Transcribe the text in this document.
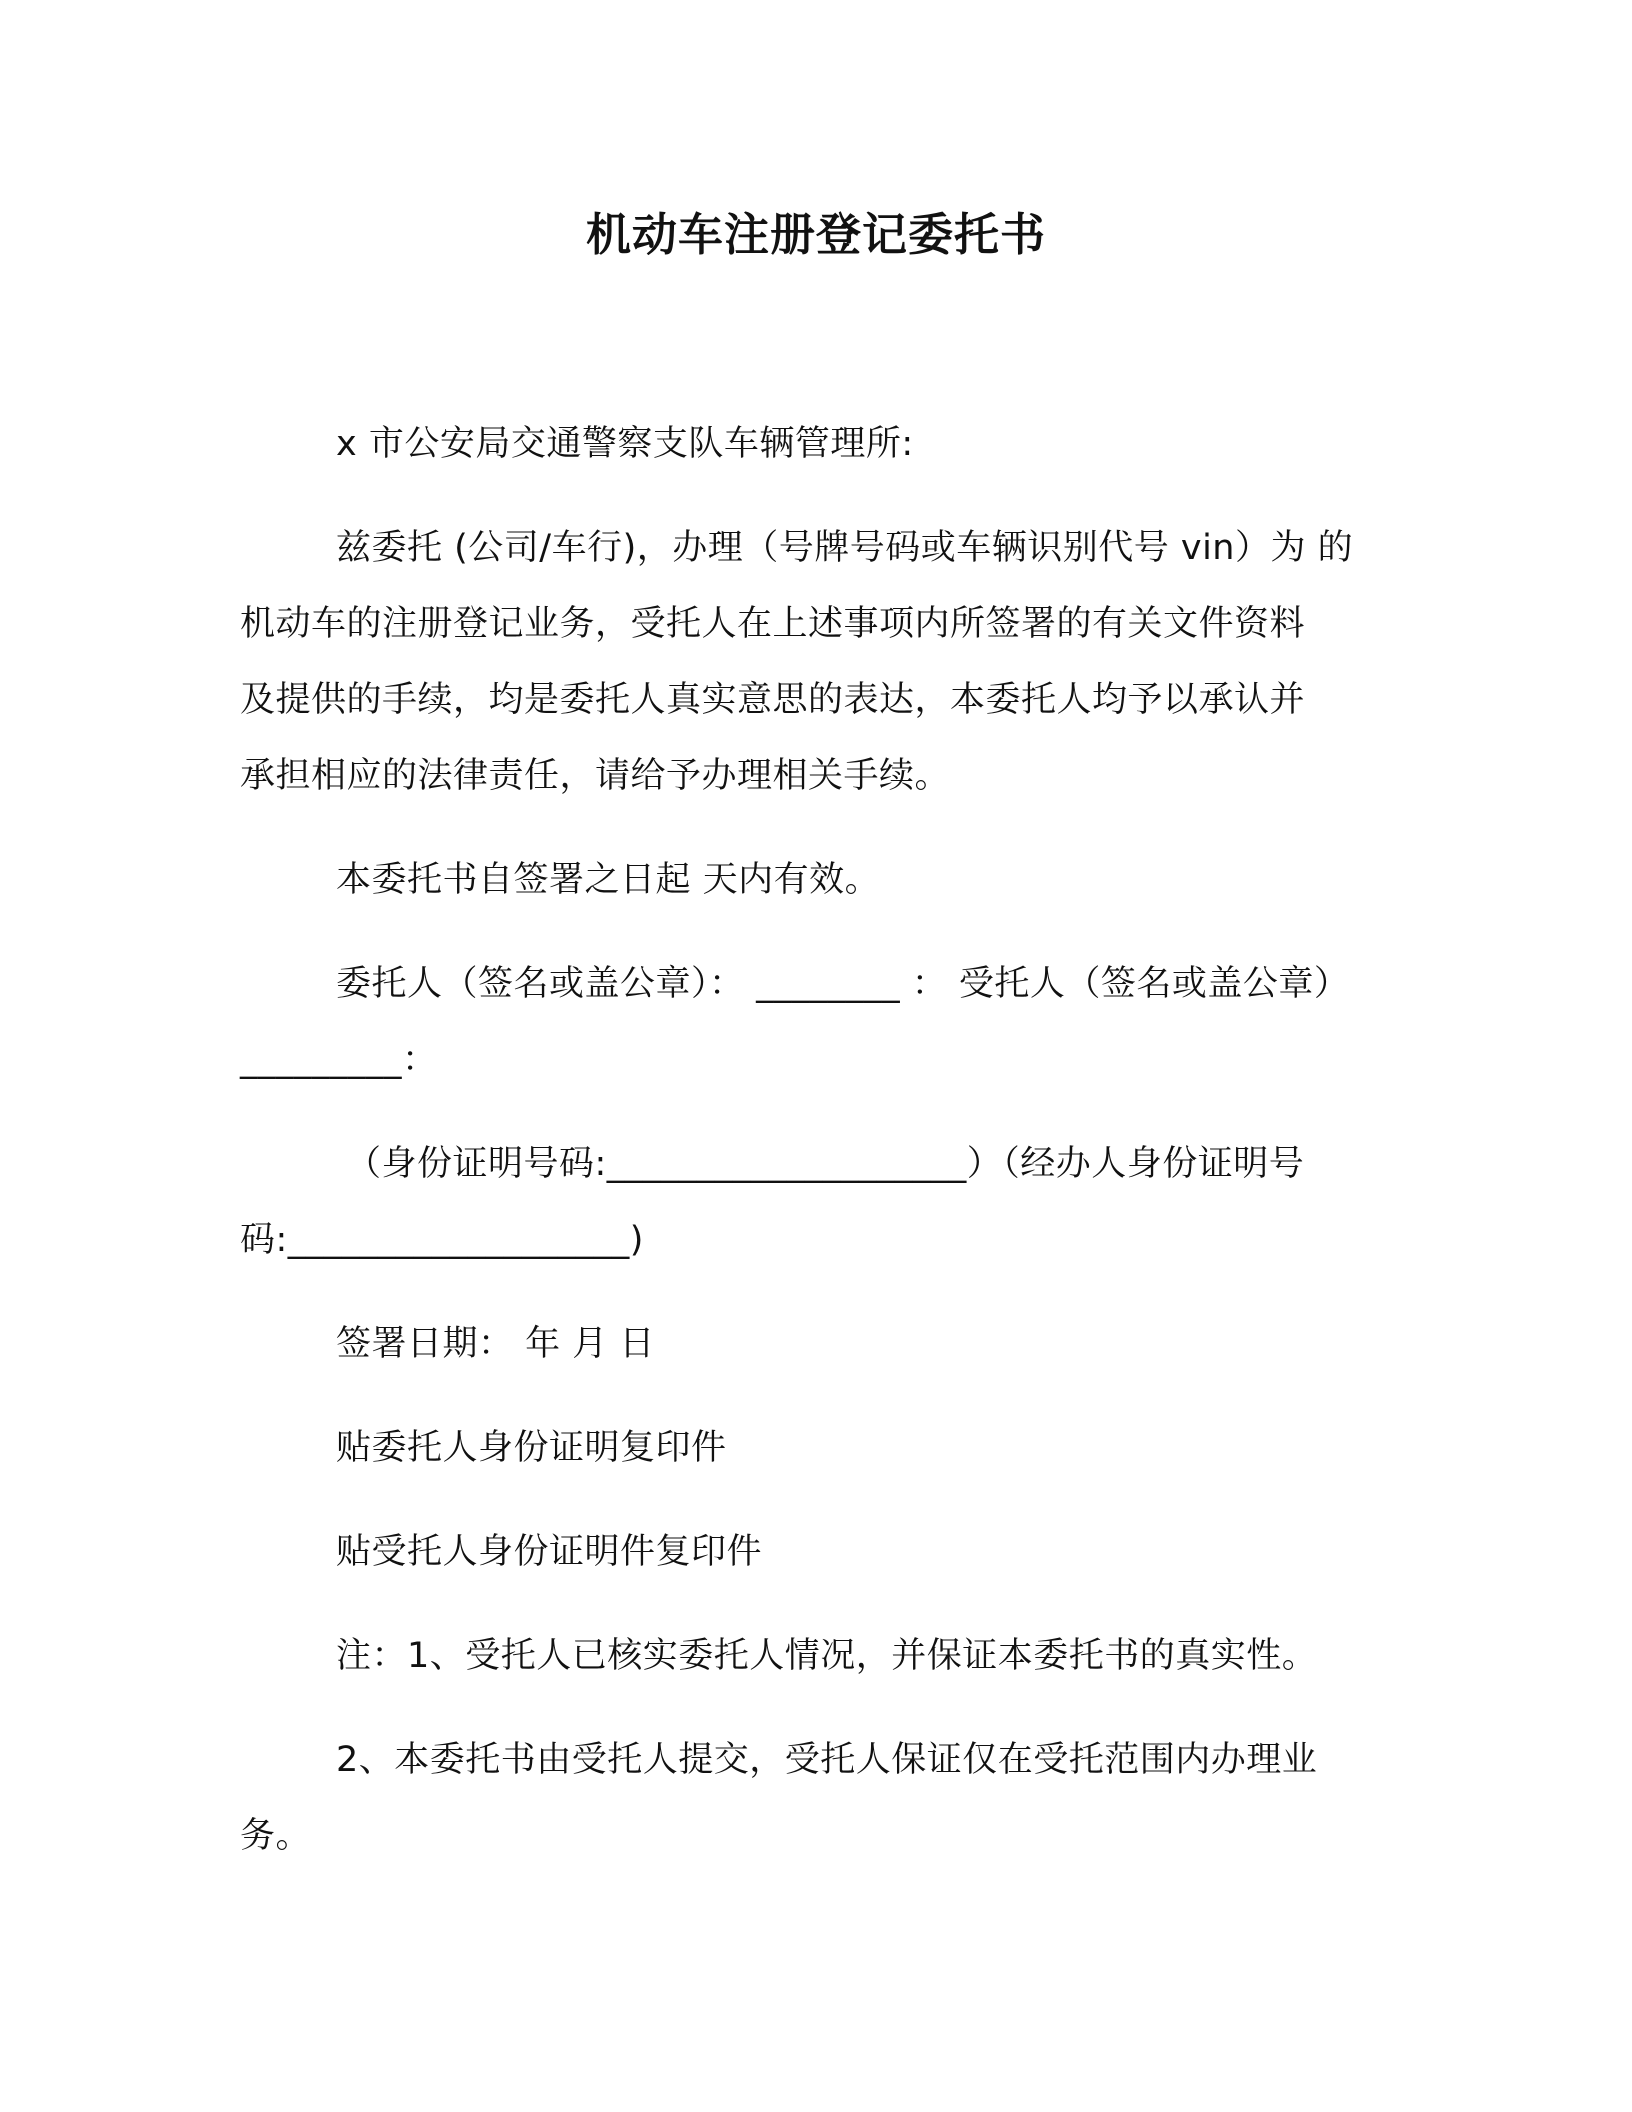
机动车注册登记委托书
x 市公安局交通警察支队车辆管理所:
兹委托 (公司/车行)，办理（号牌号码或车辆识别代号 vin）为 的
机动车的注册登记业务，受托人在上述事项内所签署的有关文件资料
及提供的手续，均是委托人真实意思的表达，本委托人均予以承认并
承担相应的法律责任，请给予办理相关手续。
本委托书自签署之日起 天内有效。
委托人（签名或盖公章）： ________ ： 受托人（签名或盖公章）
_________：
（身份证明号码:____________________）（经办人身份证明号
码:___________________)
签署日期： 年 月 日
贴委托人身份证明复印件
贴受托人身份证明件复印件
注：1、受托人已核实委托人情况，并保证本委托书的真实性。
2、本委托书由受托人提交，受托人保证仅在受托范围内办理业
务。
